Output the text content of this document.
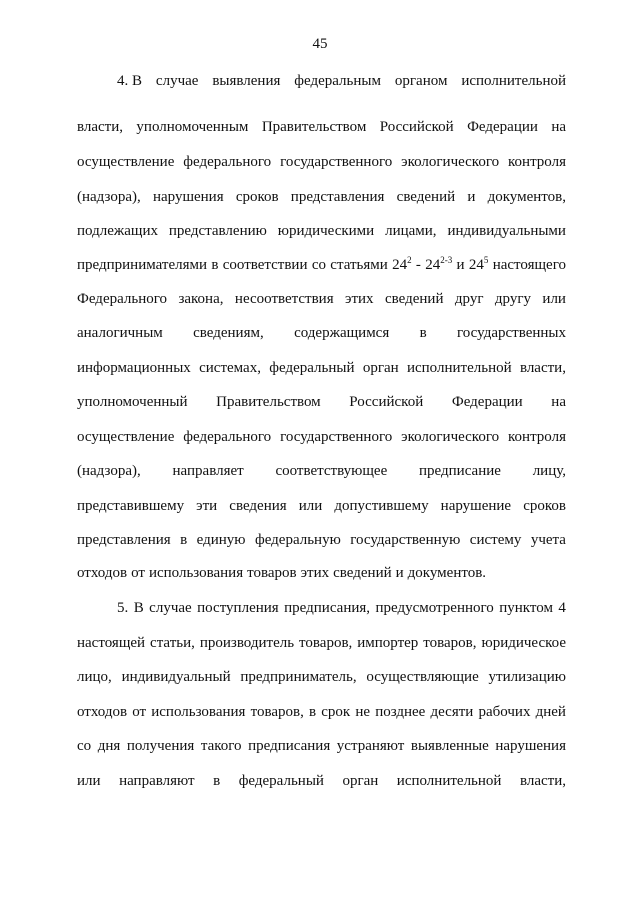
45
4. В случае выявления федеральным органом исполнительной
власти, уполномоченным Правительством Российской Федерации на
осуществление федерального государственного экологического контроля
(надзора), нарушения сроков представления сведений и документов,
подлежащих представлению юридическими лицами, индивидуальными
предпринимателями в соответствии со статьями $24^2 - 24^{2-3}$ и $24^5$ настоящего
Федерального закона, несоответствия этих сведений друг другу или
аналогичным сведениям, содержащимся в государственных
информационных системах, федеральный орган исполнительной власти,
уполномоченный Правительством Российской Федерации на
осуществление федерального государственного экологического контроля
(надзора), направляет соответствующее предписание лицу,
представившему эти сведения или допустившему нарушение сроков
представления в единую федеральную государственную систему учета
отходов от использования товаров этих сведений и документов.
5. В случае поступления предписания, предусмотренного пунктом 4
настоящей статьи, производитель товаров, импортер товаров, юридическое
лицо, индивидуальный предприниматель, осуществляющие утилизацию
отходов от использования товаров, в срок не позднее десяти рабочих дней
со дня получения такого предписания устраняют выявленные нарушения
или направляют в федеральный орган исполнительной власти,
